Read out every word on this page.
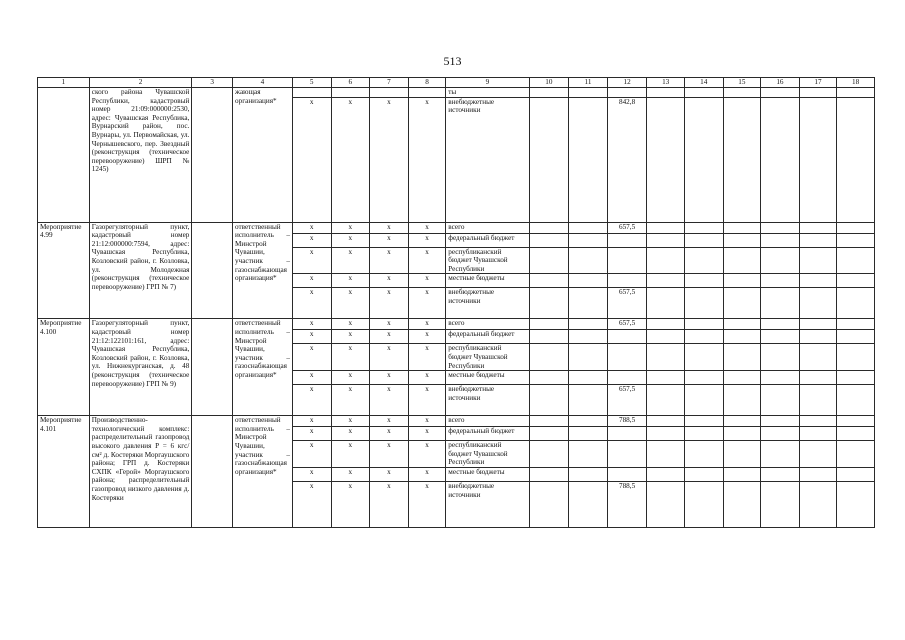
513
1	2	3	4	5	6	7	8	9	10	11	12	13	14	15	16	17	18
	ского района Чувашской Республики, кадастровый номер 21:09:000000:2530, адрес: Чувашская Республика, Вурнарский район, пос. Вурнары, ул. Первомайская, ул. Чернышевского, пер. Звездный (реконструкция (техническое перевооружение) ШРП № 1245)		жающая организация*					ты									
				x	x	x	x	внебюджетные источники			842,8						
Мероприятие 4.99	Газорегуляторный пункт, кадастровый номер 21:12:000000:7594, адрес: Чувашская Республика, Козловский район, г. Козловка, ул. Молодежная (реконструкция (техническое перевооружение) ГРП № 7)		ответственный исполнитель – Минстрой Чувашии, участник – газоснабжающая организация*	x	x	x	x	всего			657,5						
				x	x	x	x	федеральный бюджет									
				x	x	x	x	республиканский бюджет Чувашской Республики									
				x	x	x	x	местные бюджеты									
				x	x	x	x	внебюджетные источники			657,5						
Мероприятие 4.100	Газорегуляторный пункт, кадастровый номер 21:12:122101:161, адрес: Чувашская Республика, Козловский район, г. Козловка, ул. Нижнекурганская, д. 48 (реконструкция (техническое перевооружение) ГРП № 9)		ответственный исполнитель – Минстрой Чувашии, участник – газоснабжающая организация*	x	x	x	x	всего			657,5						
				x	x	x	x	федеральный бюджет									
				x	x	x	x	республиканский бюджет Чувашской Республики									
				x	x	x	x	местные бюджеты									
				x	x	x	x	внебюджетные источники			657,5						
Мероприятие 4.101	Производственно-технологический комплекс: распределительный газопровод высокого давления Р = 6 кгс/см² д. Костеряки Моргаушского района; ГРП д. Костеряки СХПК «Герой» Моргаушского района; распределительный газопровод низкого давления д. Костеряки		ответственный исполнитель – Минстрой Чувашии, участник – газоснабжающая организация*	x	x	x	x	всего			788,5						
				x	x	x	x	федеральный бюджет									
				x	x	x	x	республиканский бюджет Чувашской Республики									
				x	x	x	x	местные бюджеты									
				x	x	x	x	внебюджетные источники			788,5						
